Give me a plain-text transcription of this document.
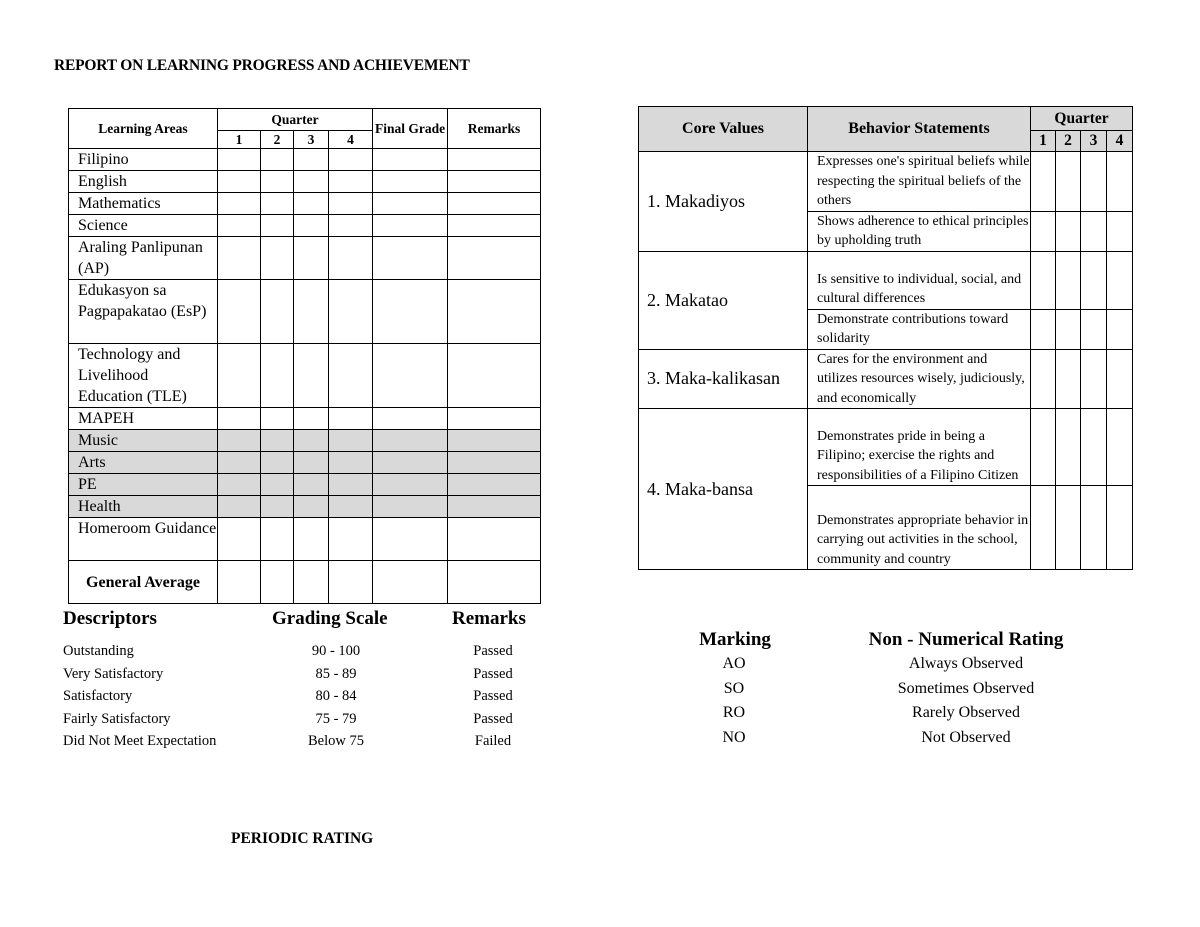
REPORT ON LEARNING PROGRESS AND ACHIEVEMENT
Learning Areas	Quarter				Final Grade	Remarks
	1	2	3	4		
Filipino						
English						
Mathematics						
Science						
Araling Panlipunan (AP)						
Edukasyon sa Pagpapakatao (EsP)						
Technology and Livelihood Education (TLE)						
MAPEH						
Music						
Arts						
PE						
Health						
Homeroom Guidance						
General Average						
Descriptors	Grading Scale	Remarks
Outstanding	90 - 100	Passed
Very Satisfactory	85 - 89	Passed
Satisfactory	80 - 84	Passed
Fairly Satisfactory	75 - 79	Passed
Did Not Meet Expectation	Below 75	Failed
Core Values	Behavior Statements	Quarter			
		1	2	3	4
1. Makadiyos	Expresses one's spiritual beliefs while respecting the spiritual beliefs of the others				
	Shows adherence to ethical principles by upholding truth				
2. Makatao	Is sensitive to individual, social, and cultural differences				
	Demonstrate contributions toward solidarity				
3. Maka-kalikasan	Cares for the environment and utilizes resources wisely, judiciously, and economically				
4. Maka-bansa	Demonstrates pride in being a Filipino; exercise the rights and responsibilities of a Filipino Citizen				
	Demonstrates appropriate behavior in carrying out activities in the school, community and country				
Marking	Non - Numerical Rating
AO	Always Observed
SO	Sometimes Observed
RO	Rarely Observed
NO	Not Observed
PERIODIC RATING
